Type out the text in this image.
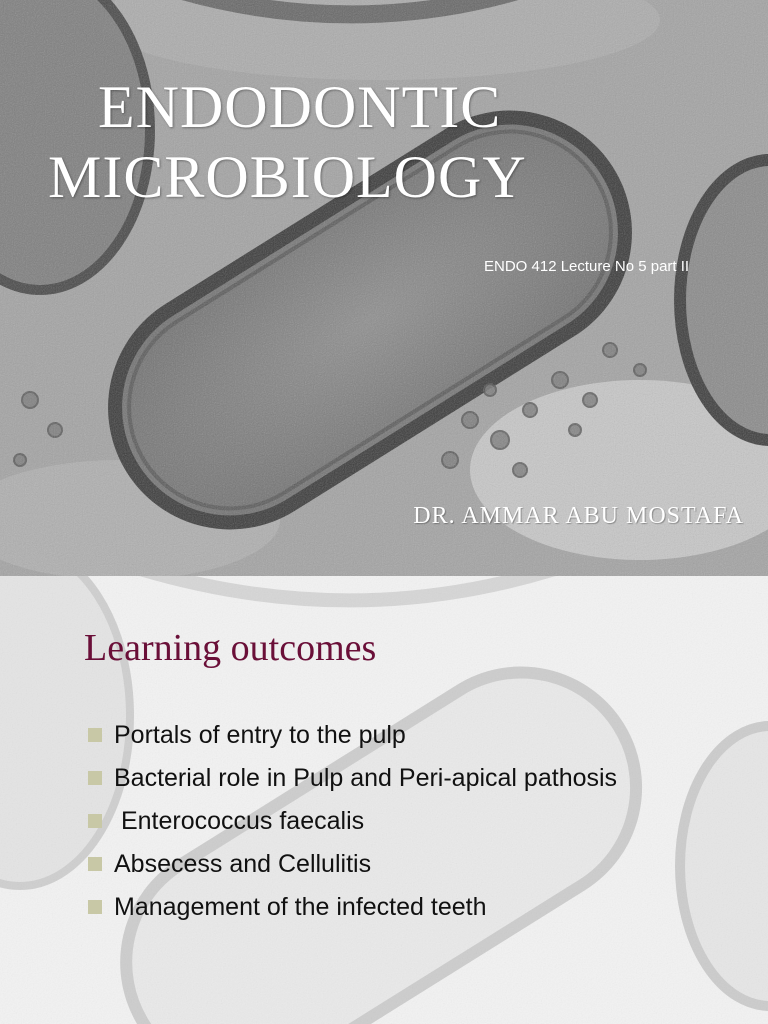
ENDODONTIC
MICROBIOLOGY
ENDO 412 Lecture No 5 part II
DR. AMMAR ABU MOSTAFA
Learning outcomes
Portals of entry to the pulp
Bacterial role in Pulp and Peri-apical pathosis
Enterococcus faecalis
Absecess and Cellulitis
Management of the infected teeth
